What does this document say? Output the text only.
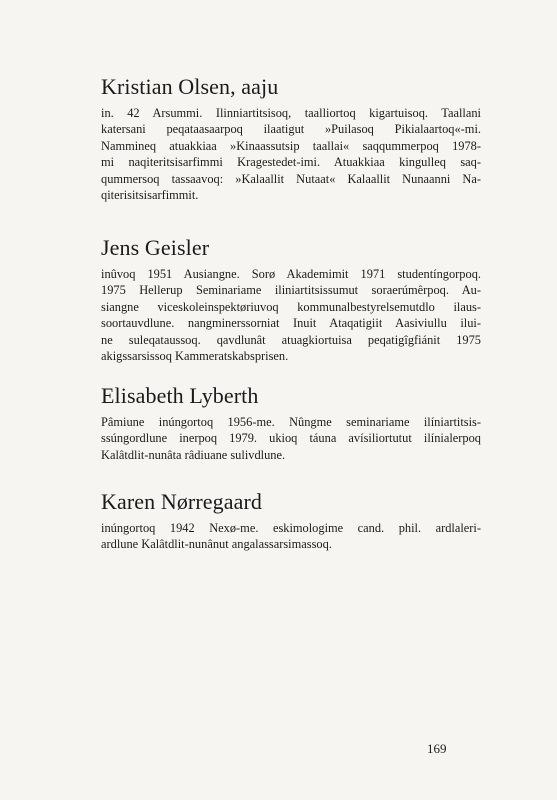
Kristian Olsen, aaju

in. 42 Arsummi. Ilinniartitsisoq, taalliortoq kigartuisoq. Taallani
katersani peqataasaarpoq ilaatigut »Puilasoq Pikialaartoq«-mi.
Namminеq atuakkiaa »Kinaassutsip taallai« saqqummerpoq 1978-
mi naqiteritsisarfimmi Kragestedet-imi. Atuakkiaa kingulleq saq-
qummersoq tassaavoq: »Kalaallit Nutaat« Kalaallit Nunaanni Na-
qiterisitsisarfimmit.

Jens Geisler

inûvoq 1951 Ausiangne. Sorø Akademimit 1971 studentíngorpoq.
1975 Hellerup Seminariame iliniartitsissumut soraerúmêrpoq. Au-
siangne viceskoleinspektøriuvoq kommunalbestyrelsemutdlo ilaus-
soortauvdlune. nangminerssorniat Inuit Ataqatigiit Aasiviullu ilui-
ne suleqataussoq. qavdlunât atuagkiortuisa peqatigîgfiánit 1975
akigssarsissoq Kammeratskabsprisen.

Elisabeth Lyberth

Pâmiune inúngortoq 1956-me. Nûngme seminariame ilíniartitsis-
ssúngordlune inerpoq 1979. ukioq táuna avísiliortutut ilínialerpoq
Kalâtdlit-nunâta râdiuane sulivdlune.

Karen Nørregaard

inúngortoq 1942 Nexø-me. eskimologime cand. phil. ardlaleri-
ardlune Kalâtdlit-nunânut angalassarsimassoq.

169
